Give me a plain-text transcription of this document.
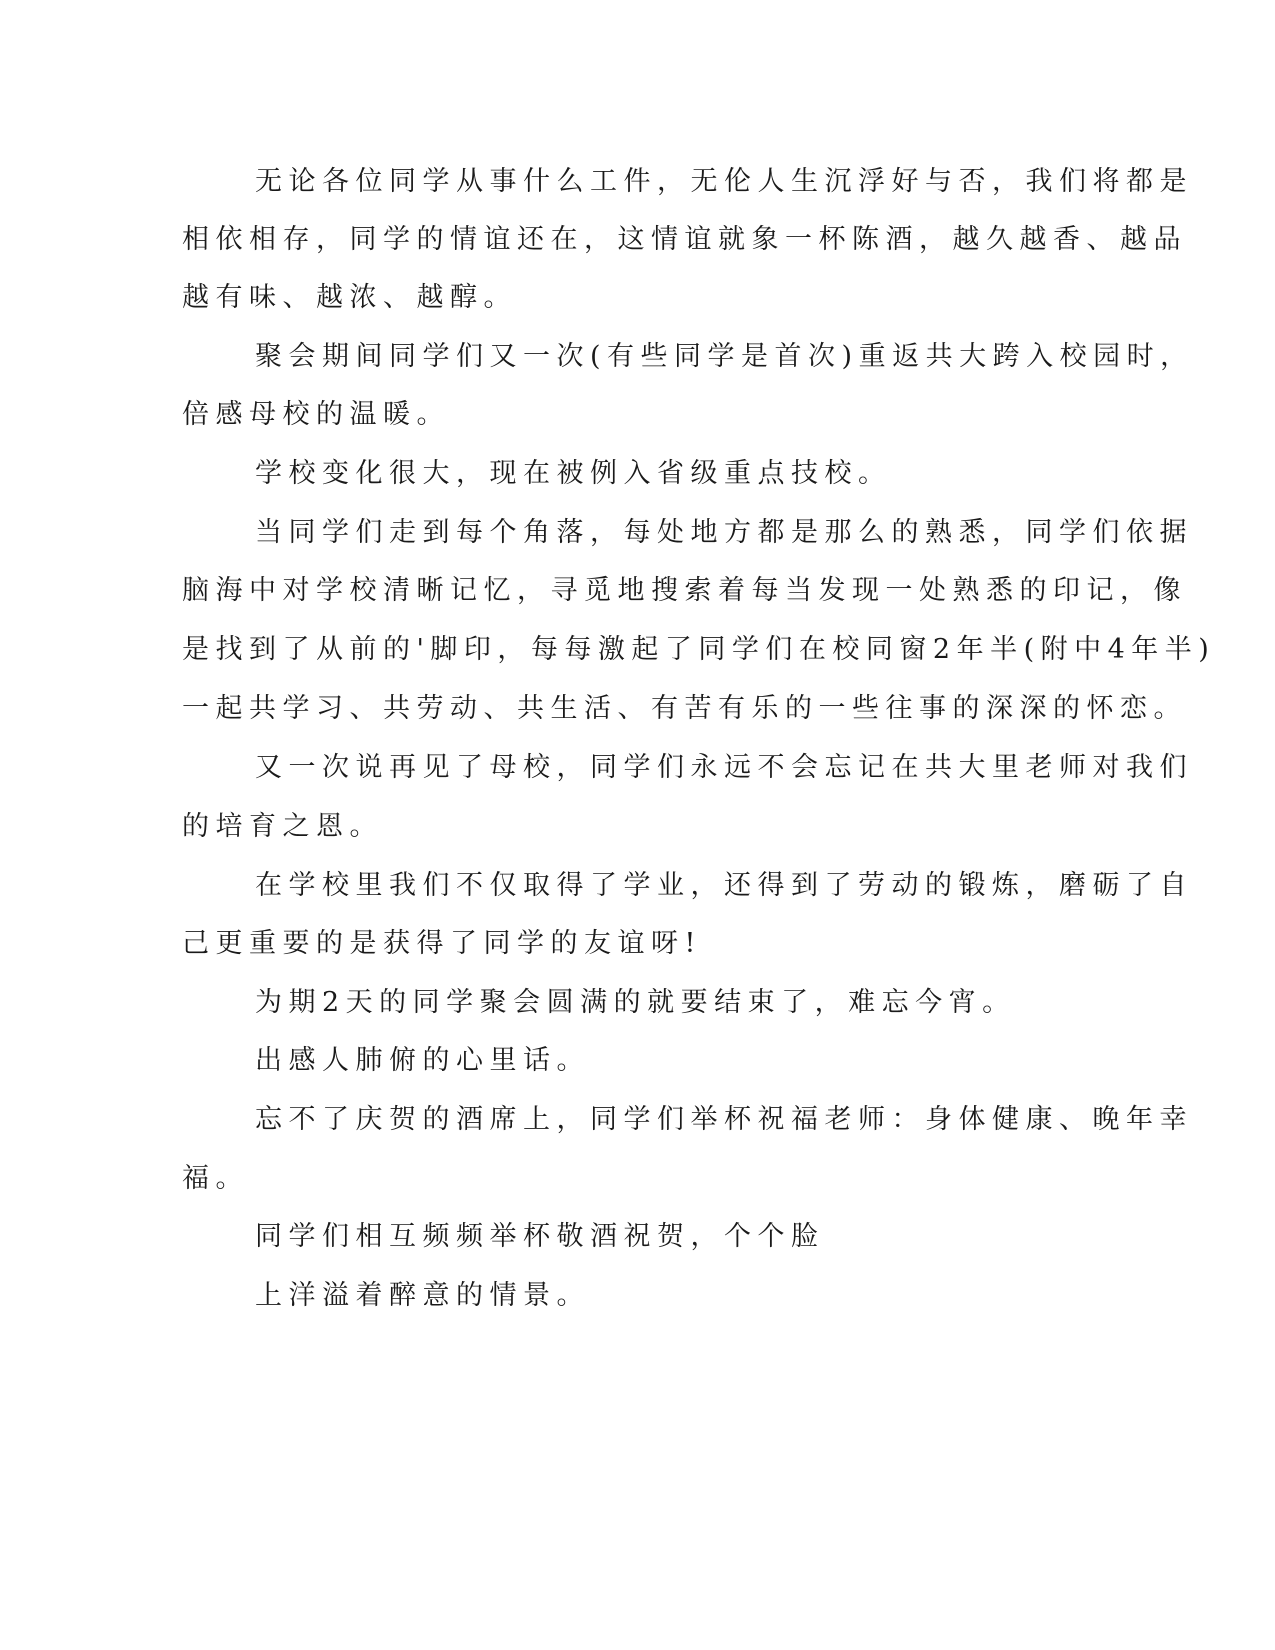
无论各位同学从事什么工件，无伦人生沉浮好与否，我们将都是
相依相存，同学的情谊还在，这情谊就象一杯陈酒，越久越香、越品
越有味、越浓、越醇。
聚会期间同学们又一次(有些同学是首次)重返共大跨入校园时，
倍感母校的温暖。
学校变化很大，现在被例入省级重点技校。
当同学们走到每个角落，每处地方都是那么的熟悉，同学们依据
脑海中对学校清晰记忆，寻觅地搜索着每当发现一处熟悉的印记，像
是找到了从前的'脚印，每每激起了同学们在校同窗2年半(附中4年半)
一起共学习、共劳动、共生活、有苦有乐的一些往事的深深的怀恋。
又一次说再见了母校，同学们永远不会忘记在共大里老师对我们
的培育之恩。
在学校里我们不仅取得了学业，还得到了劳动的锻炼，磨砺了自
己更重要的是获得了同学的友谊呀!
为期2天的同学聚会圆满的就要结束了，难忘今宵。
出感人肺俯的心里话。
忘不了庆贺的酒席上，同学们举杯祝福老师：身体健康、晚年幸
福。
同学们相互频频举杯敬酒祝贺，个个脸
上洋溢着醉意的情景。
